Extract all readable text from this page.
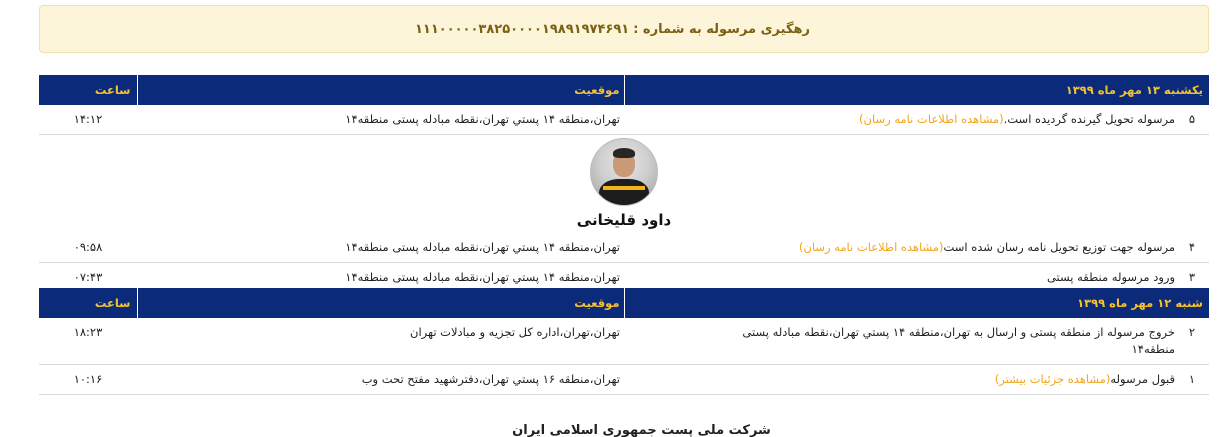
رهگیری مرسوله به شماره :
۱۱۱۰۰۰۰۰۳۸۲۵۰۰۰۰۱۹۸۹۱۹۷۴۶۹۱
یکشنبه ۱۳ مهر ماه ۱۳۹۹	موقعیت	ساعت
۵مرسوله تحویل گیرنده گردیده است.(مشاهده اطلاعات نامه رسان)	تهران،منطقه ۱۴ پستي تهران،نقطه مبادله پستی منطقه۱۴	۱۴:۱۲

داود قلیخانی		

۴مرسوله جهت توزیع تحویل نامه رسان شده است(مشاهده اطلاعات نامه رسان)	تهران،منطقه ۱۴ پستي تهران،نقطه مبادله پستی منطقه۱۴	۰۹:۵۸
۳ورود مرسوله منطقه پستی	تهران،منطقه ۱۴ پستي تهران،نقطه مبادله پستی منطقه۱۴	۰۷:۴۳
شنبه ۱۲ مهر ماه ۱۳۹۹	موقعیت	ساعت
۲خروج مرسوله از منطقه پستی و ارسال به تهران،منطقه ۱۴ پستي تهران،نقطه مبادله پستی منطقه۱۴	تهران،تهران،اداره کل تجزیه و مبادلات تهران	۱۸:۲۳
۱قبول مرسوله(مشاهده جزئیات بیشتر)	تهران،منطقه ۱۶ پستي تهران،دفترشهید مفتح تحت وب	۱۰:۱۶
شرکت ملی پست جمهوری اسلامی ایران
